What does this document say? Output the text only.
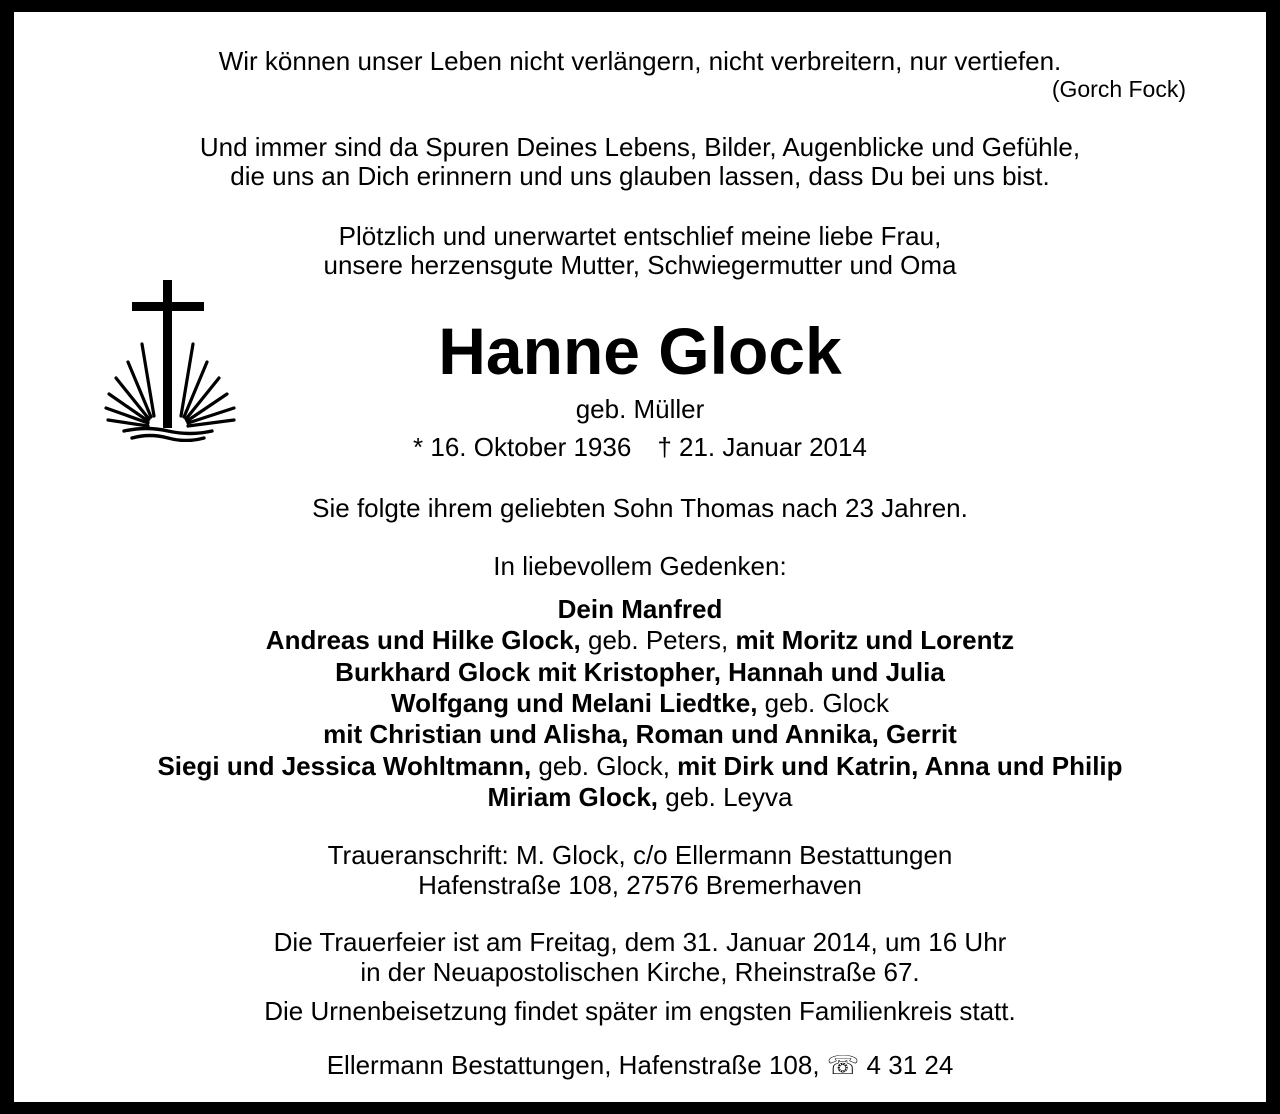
Wir können unser Leben nicht verlängern, nicht verbreitern, nur vertiefen.

(Gorch Fock)

Und immer sind da Spuren Deines Lebens, Bilder, Augenblicke und Gefühle,

die uns an Dich erinnern und uns glauben lassen, dass Du bei uns bist.

Plötzlich und unerwartet entschlief meine liebe Frau,

unsere herzensgute Mutter, Schwiegermutter und Oma

Hanne Glock

geb. Müller

* 16. Oktober 1936 † 21. Januar 2014

Sie folgte ihrem geliebten Sohn Thomas nach 23 Jahren.

In liebevollem Gedenken:

Dein Manfred

Andreas und Hilke Glock, geb. Peters, mit Moritz und Lorentz

Burkhard Glock mit Kristopher, Hannah und Julia

Wolfgang und Melani Liedtke, geb. Glock

mit Christian und Alisha, Roman und Annika, Gerrit

Siegi und Jessica Wohltmann, geb. Glock, mit Dirk und Katrin, Anna und Philip

Miriam Glock, geb. Leyva

Traueranschrift: M. Glock, c/o Ellermann Bestattungen

Hafenstraße 108, 27576 Bremerhaven

Die Trauerfeier ist am Freitag, dem 31. Januar 2014, um 16 Uhr

in der Neuapostolischen Kirche, Rheinstraße 67.

Die Urnenbeisetzung findet später im engsten Familienkreis statt.

Ellermann Bestattungen, Hafenstraße 108, ☏ 4 31 24
